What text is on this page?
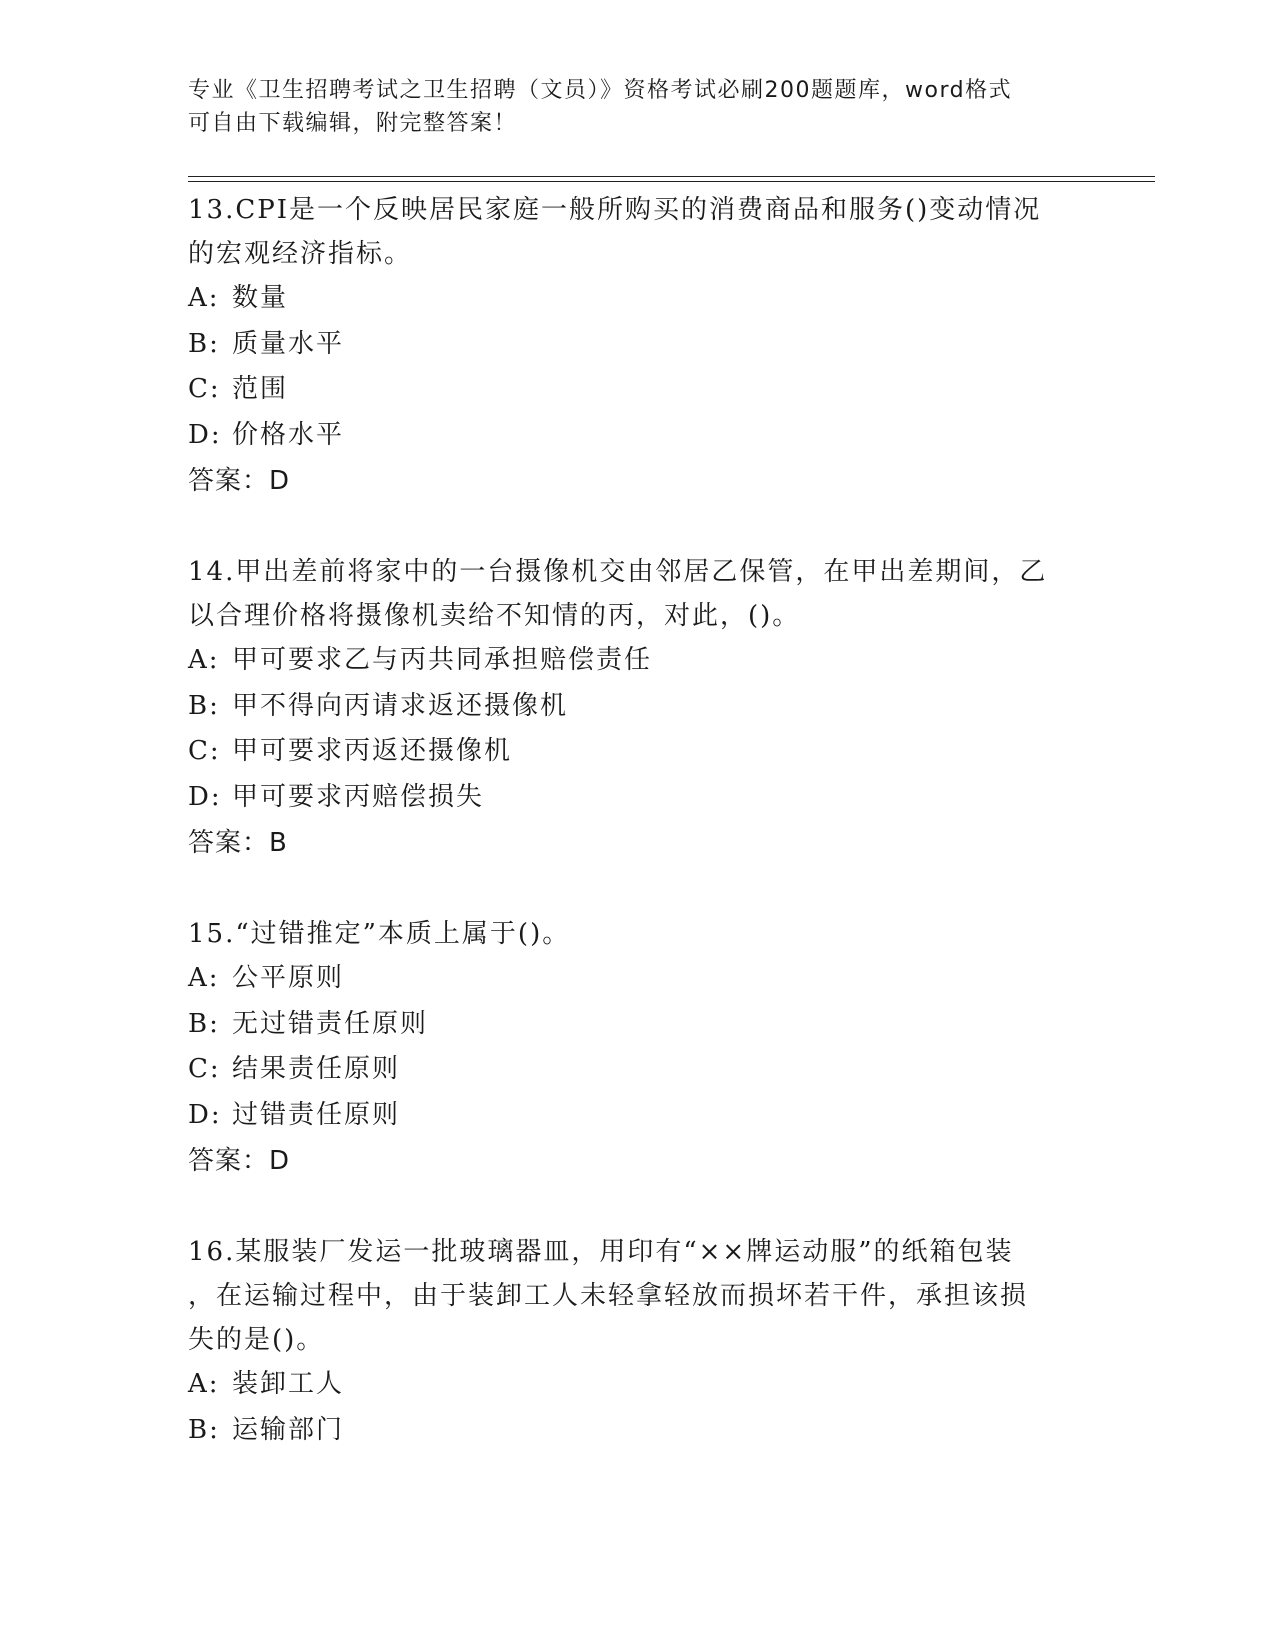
专业《卫生招聘考试之卫生招聘（文员）》资格考试必刷200题题库，word格式
可自由下载编辑，附完整答案！
13.CPI是一个反映居民家庭一般所购买的消费商品和服务()变动情况
的宏观经济指标。
A: 数量
B: 质量水平
C: 范围
D: 价格水平
答案：D
14.甲出差前将家中的一台摄像机交由邻居乙保管，在甲出差期间，乙
以合理价格将摄像机卖给不知情的丙，对此，()。
A: 甲可要求乙与丙共同承担赔偿责任
B: 甲不得向丙请求返还摄像机
C: 甲可要求丙返还摄像机
D: 甲可要求丙赔偿损失
答案：B
15.“过错推定”本质上属于()。
A: 公平原则
B: 无过错责任原则
C: 结果责任原则
D: 过错责任原则
答案：D
16.某服装厂发运一批玻璃器皿，用印有“××牌运动服”的纸箱包装
，在运输过程中，由于装卸工人未轻拿轻放而损坏若干件，承担该损
失的是()。
A: 装卸工人
B: 运输部门
